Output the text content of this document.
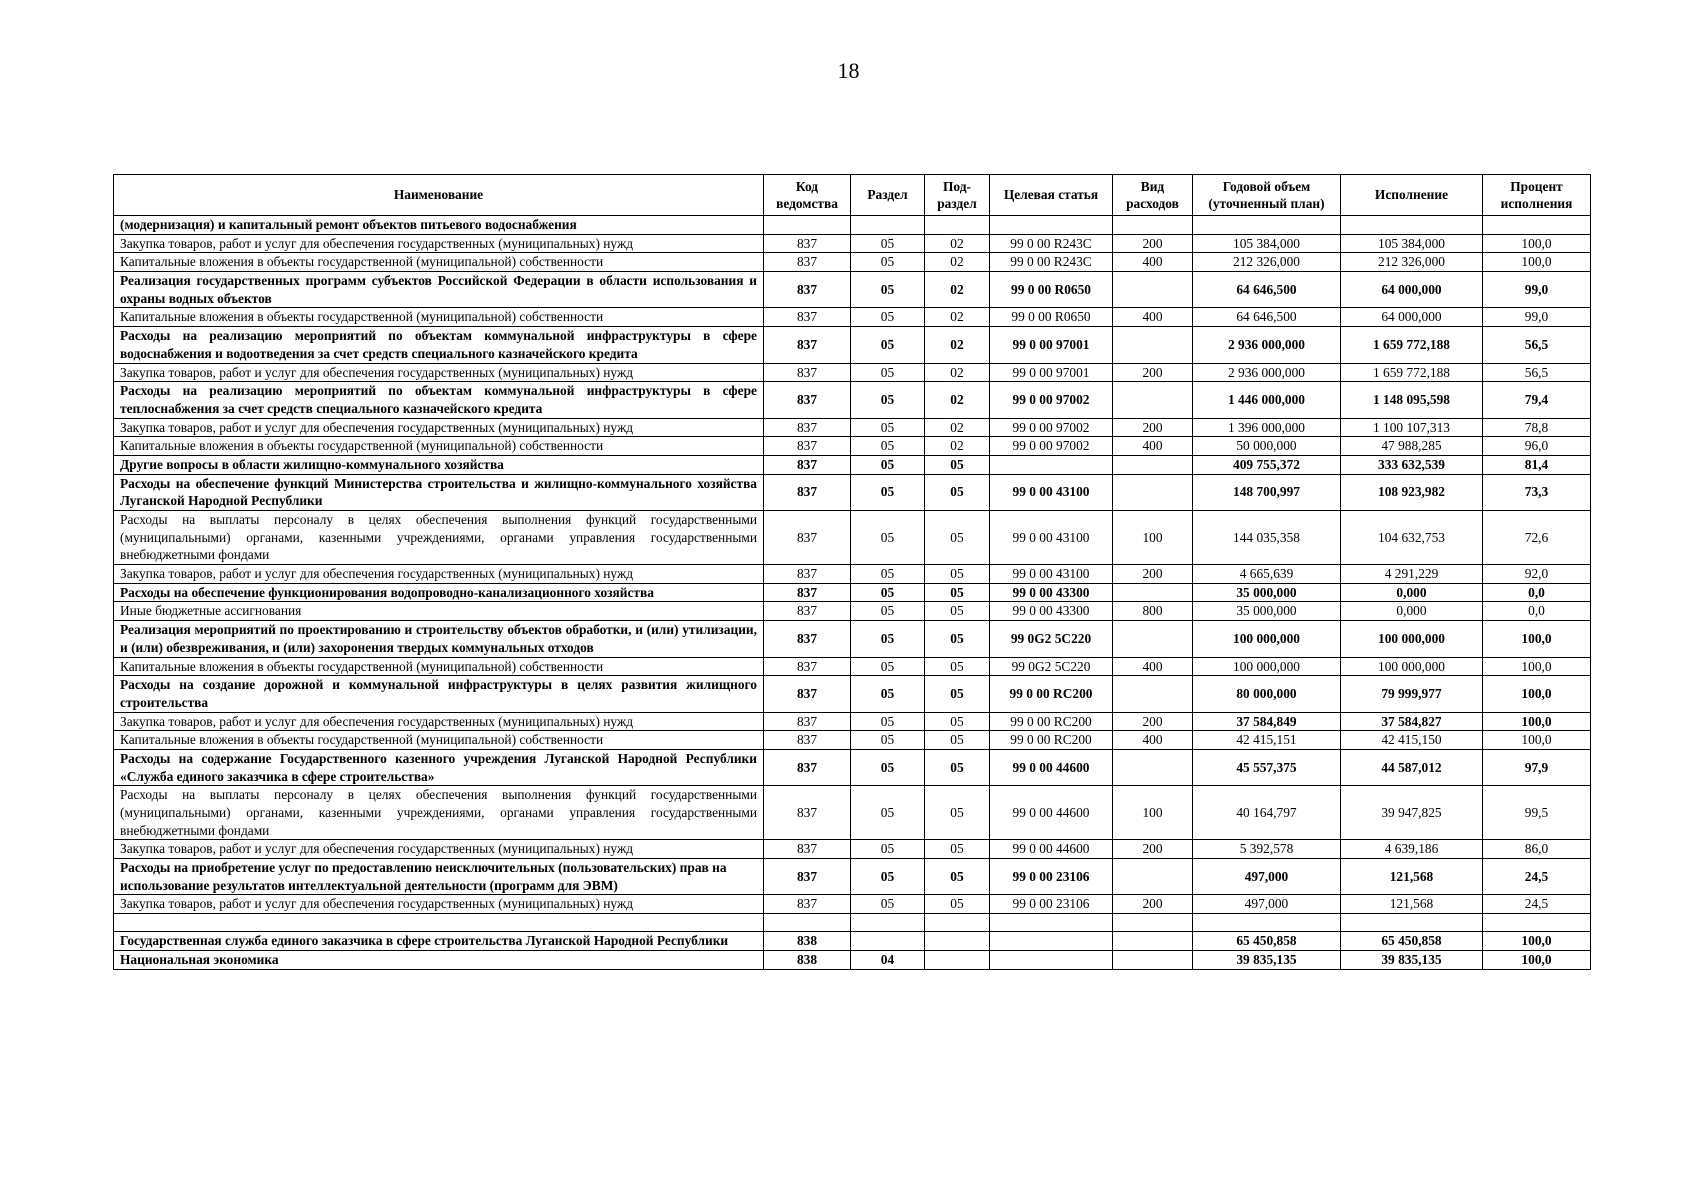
18
Наименование	Код ведомства	Раздел	Под-раздел	Целевая статья	Вид расходов	Годовой объем (уточненный план)	Исполнение	Процент исполнения
(модернизация) и капитальный ремонт объектов питьевого водоснабжения								
Закупка товаров, работ и услуг для обеспечения государственных (муниципальных) нужд	837	05	02	99 0 00 R243C	200	105 384,000	105 384,000	100,0
Капитальные вложения в объекты государственной (муниципальной) собственности	837	05	02	99 0 00 R243C	400	212 326,000	212 326,000	100,0
Реализация государственных программ субъектов Российской Федерации в области использования и охраны водных объектов	837	05	02	99 0 00 R0650		64 646,500	64 000,000	99,0
Капитальные вложения в объекты государственной (муниципальной) собственности	837	05	02	99 0 00 R0650	400	64 646,500	64 000,000	99,0
Расходы на реализацию мероприятий по объектам коммунальной инфраструктуры в сфере водоснабжения и водоотведения за счет средств специального казначейского кредита	837	05	02	99 0 00 97001		2 936 000,000	1 659 772,188	56,5
Закупка товаров, работ и услуг для обеспечения государственных (муниципальных) нужд	837	05	02	99 0 00 97001	200	2 936 000,000	1 659 772,188	56,5
Расходы на реализацию мероприятий по объектам коммунальной инфраструктуры в сфере теплоснабжения за счет средств специального казначейского кредита	837	05	02	99 0 00 97002		1 446 000,000	1 148 095,598	79,4
Закупка товаров, работ и услуг для обеспечения государственных (муниципальных) нужд	837	05	02	99 0 00 97002	200	1 396 000,000	1 100 107,313	78,8
Капитальные вложения в объекты государственной (муниципальной) собственности	837	05	02	99 0 00 97002	400	50 000,000	47 988,285	96,0
Другие вопросы в области жилищно-коммунального хозяйства	837	05	05			409 755,372	333 632,539	81,4
Расходы на обеспечение функций Министерства строительства и жилищно-коммунального хозяйства Луганской Народной Республики	837	05	05	99 0 00 43100		148 700,997	108 923,982	73,3
Расходы на выплаты персоналу в целях обеспечения выполнения функций государственными (муниципальными) органами, казенными учреждениями, органами управления государственными внебюджетными фондами	837	05	05	99 0 00 43100	100	144 035,358	104 632,753	72,6
Закупка товаров, работ и услуг для обеспечения государственных (муниципальных) нужд	837	05	05	99 0 00 43100	200	4 665,639	4 291,229	92,0
Расходы на обеспечение функционирования водопроводно-канализационного хозяйства	837	05	05	99 0 00 43300		35 000,000	0,000	0,0
Иные бюджетные ассигнования	837	05	05	99 0 00 43300	800	35 000,000	0,000	0,0
Реализация мероприятий по проектированию и строительству объектов обработки, и (или) утилизации, и (или) обезвреживания, и (или) захоронения твердых коммунальных отходов	837	05	05	99 0G2 5C220		100 000,000	100 000,000	100,0
Капитальные вложения в объекты государственной (муниципальной) собственности	837	05	05	99 0G2 5C220	400	100 000,000	100 000,000	100,0
Расходы на создание дорожной и коммунальной инфраструктуры в целях развития жилищного строительства	837	05	05	99 0 00 RC200		80 000,000	79 999,977	100,0
Закупка товаров, работ и услуг для обеспечения государственных (муниципальных) нужд	837	05	05	99 0 00 RC200	200	37 584,849	37 584,827	100,0
Капитальные вложения в объекты государственной (муниципальной) собственности	837	05	05	99 0 00 RC200	400	42 415,151	42 415,150	100,0
Расходы на содержание Государственного казенного учреждения Луганской Народной Республики «Служба единого заказчика в сфере строительства»	837	05	05	99 0 00 44600		45 557,375	44 587,012	97,9
Расходы на выплаты персоналу в целях обеспечения выполнения функций государственными (муниципальными) органами, казенными учреждениями, органами управления государственными внебюджетными фондами	837	05	05	99 0 00 44600	100	40 164,797	39 947,825	99,5
Закупка товаров, работ и услуг для обеспечения государственных (муниципальных) нужд	837	05	05	99 0 00 44600	200	5 392,578	4 639,186	86,0
Расходы на приобретение услуг по предоставлению неисключительных (пользовательских) прав на использование результатов интеллектуальной деятельности (программ для ЭВМ)	837	05	05	99 0 00 23106		497,000	121,568	24,5
Закупка товаров, работ и услуг для обеспечения государственных (муниципальных) нужд	837	05	05	99 0 00 23106	200	497,000	121,568	24,5

Государственная служба единого заказчика в сфере строительства Луганской Народной Республики	838					65 450,858	65 450,858	100,0
Национальная экономика	838	04				39 835,135	39 835,135	100,0
